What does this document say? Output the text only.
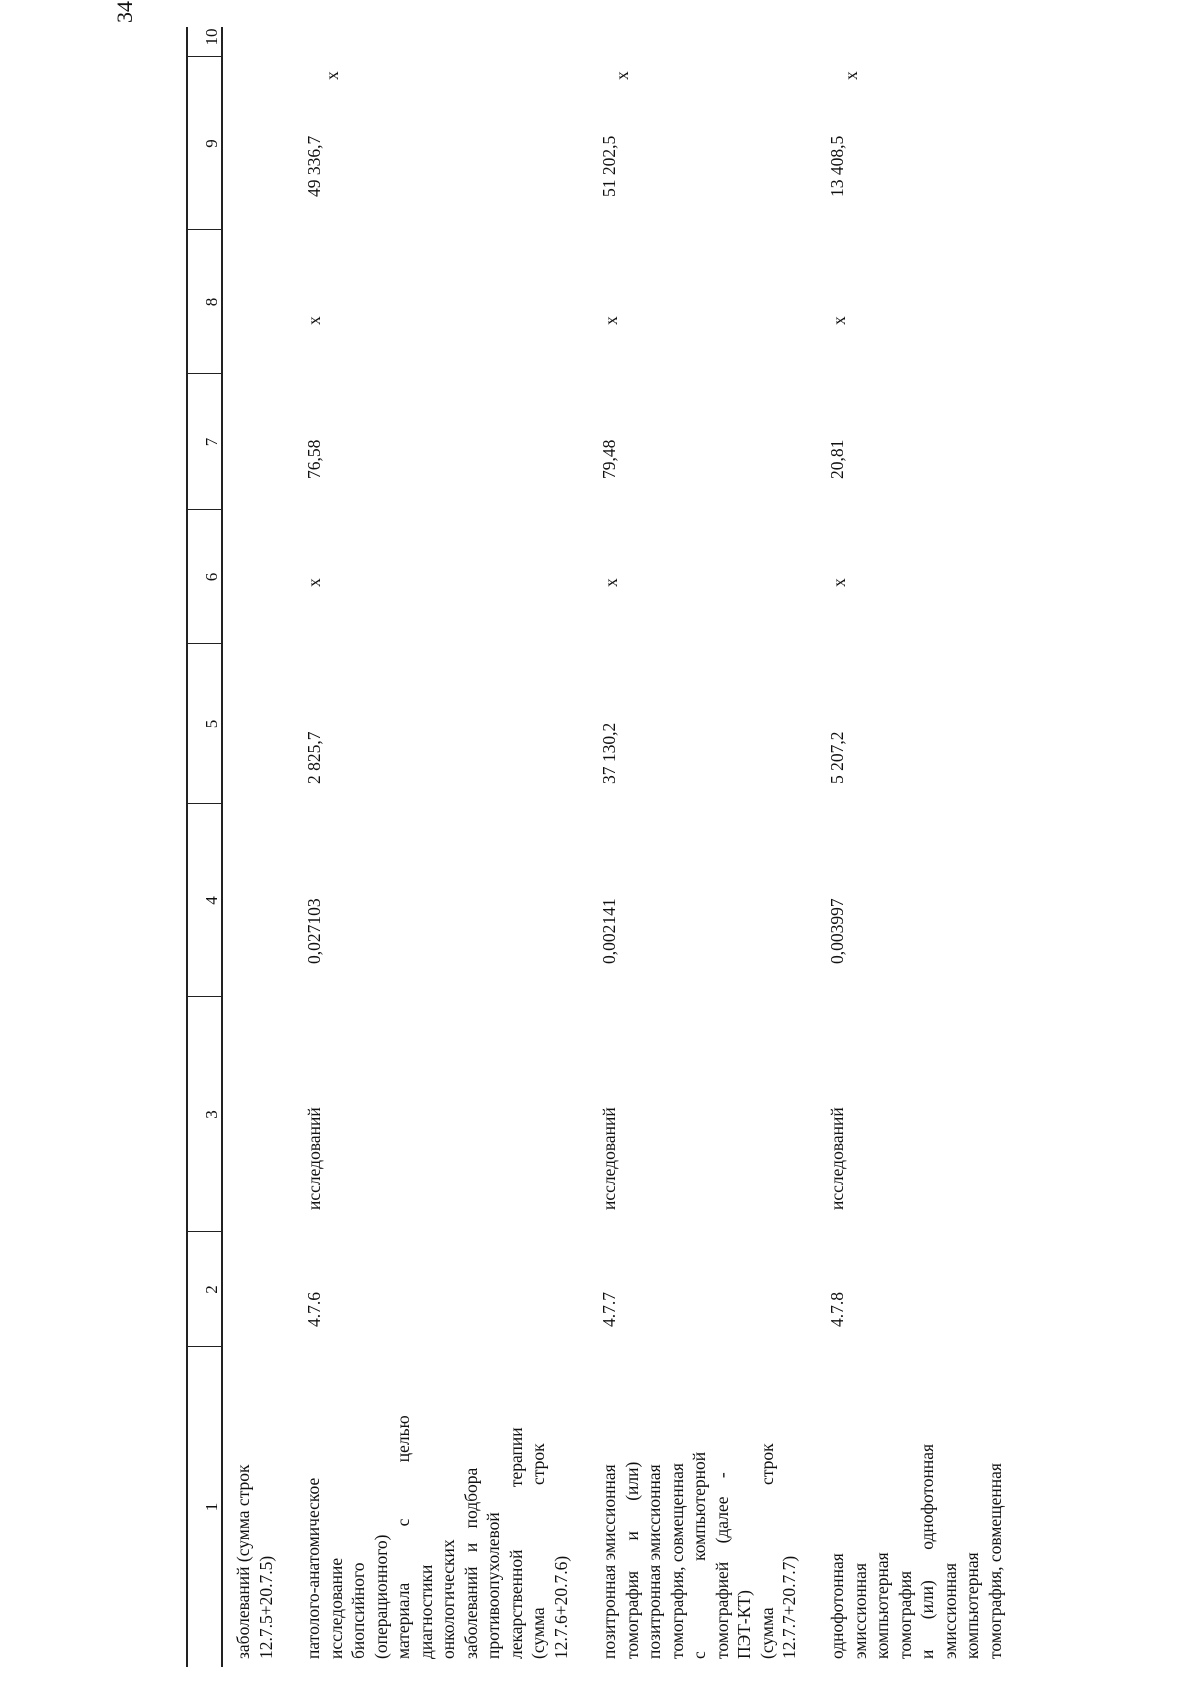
34
1
2
3
4
5
6
7
8
9
10
заболеваний (сумма строк 12.7.5+20.7.5) патолого-анатомическое исследование биопсийного (операционного) материала с целью диагностики онкологических заболеваний и подбора противоопухолевой лекарственной терапии (сумма строк 12.7.6+20.7.6)
4.7.6
исследований
0,027103
2 825,7
x
76,58
x
49 336,7
x
позитронная эмиссионная томография и (или) позитронная эмиссионная томография, совмещенная с компьютерной томографией (далее - ПЭТ-КТ) (сумма строк 12.7.7+20.7.7)
4.7.7
исследований
0,002141
37 130,2
x
79,48
x
51 202,5
x
однофотонная эмиссионная компьютерная томография и (или) однофотонная эмиссионная компьютерная томография, совмещенная
4.7.8
исследований
0,003997
5 207,2
x
20,81
x
13 408,5
x
